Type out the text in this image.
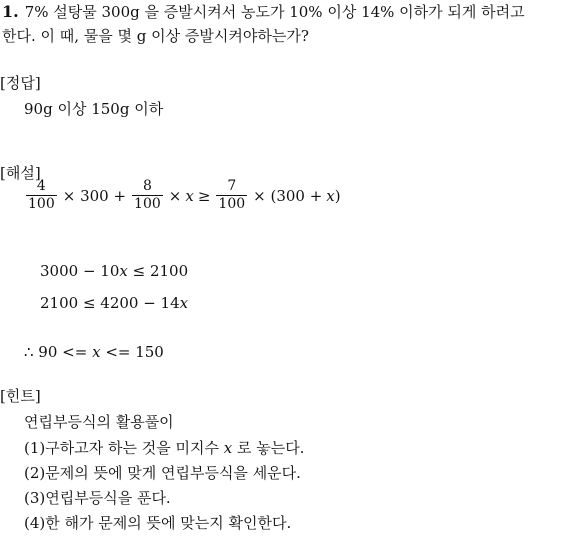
1. 7% 설탕물 300g 을 증발시켜서 농도가 10% 이상 14% 이하가 되게 하려고
한다. 이 때, 물을 몇 g 이상 증발시켜야하는가?
[정답]
90g 이상 150g 이하
[해설]
$\frac{4}{100} \times 300 + \frac{8}{100} \times x \ge \frac{7}{100} \times (300 + x$ )
3000 − 10x ≤ 2100
2100 ≤ 4200 − 14x
∴ 90 <= x <= 150
[힌트]
연립부등식의 활용풀이
(1)구하고자 하는 것을 미지수 x 로 놓는다.
(2)문제의 뜻에 맞게 연립부등식을 세운다.
(3)연립부등식을 푼다.
(4)한 해가 문제의 뜻에 맞는지 확인한다.
